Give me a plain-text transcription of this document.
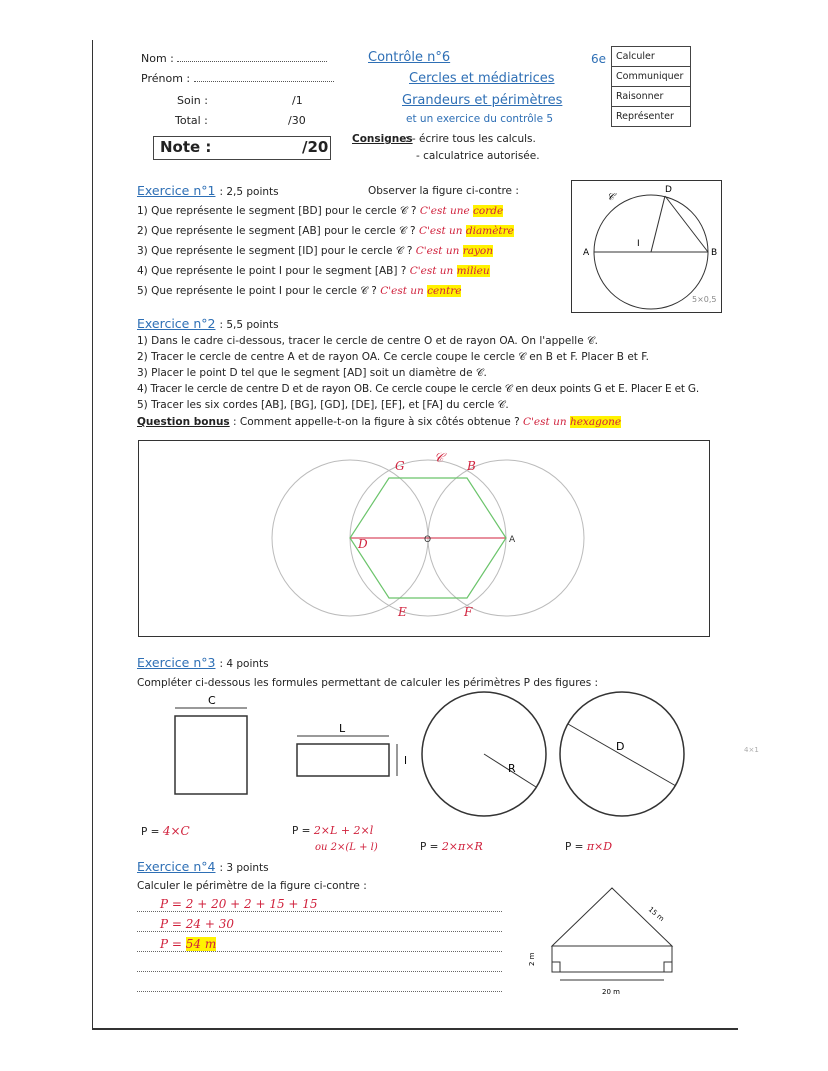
Nom :
Prénom :
Soin :	/1
Total :	/30
Note :	/20
Contrôle n°6
Cercles et médiatrices
Grandeurs et périmètres
et un exercice du contrôle 5
6e
Consignes
: - écrire tous les calculs.
- calculatrice autorisée.
Calculer
Communiquer
Raisonner
Représenter
Exercice n°1 : 2,5 points	Observer la figure ci-contre :
1) Que représente le segment [BD] pour le cercle 𝒞 ? C'est une corde
2) Que représente le segment [AB] pour le cercle 𝒞 ? C'est un diamètre
3) Que représente le segment [ID] pour le cercle 𝒞 ? C'est un rayon
4) Que représente le point I pour le segment [AB] ? C'est un milieu
5) Que représente le point I pour le cercle 𝒞 ? C'est un centre
𝒞
D
A
I
B
5×0,5
Exercice n°2 : 5,5 points
1) Dans le cadre ci-dessous, tracer le cercle de centre O et de rayon OA. On l'appelle 𝒞.
2) Tracer le cercle de centre A et de rayon OA. Ce cercle coupe le cercle 𝒞 en B et F. Placer B et F.
3) Placer le point D tel que le segment [AD] soit un diamètre de 𝒞.
4) Tracer le cercle de centre D et de rayon OB. Ce cercle coupe le cercle 𝒞 en deux points G et E. Placer E et G.
5) Tracer les six cordes [AB], [BG], [GD], [DE], [EF], et [FA] du cercle 𝒞.
Question bonus : Comment appelle-t-on la figure à six côtés obtenue ? C'est un hexagone
G 𝒞 B
D	O	A
E	F
Exercice n°3 : 4 points
Compléter ci-dessous les formules permettant de calculer les périmètres P des figures :
C
L
l
R
D	4×1
P = 4×C	P = 2×L + 2×l
ou 2×(L + l)	P = 2×π×R	P = π×D
Exercice n°4 : 3 points
Calculer le périmètre de la figure ci-contre :
P = 2 + 20 + 2 + 15 + 15
P = 24 + 30
P = 54 m
15 m
2 m
20 m
